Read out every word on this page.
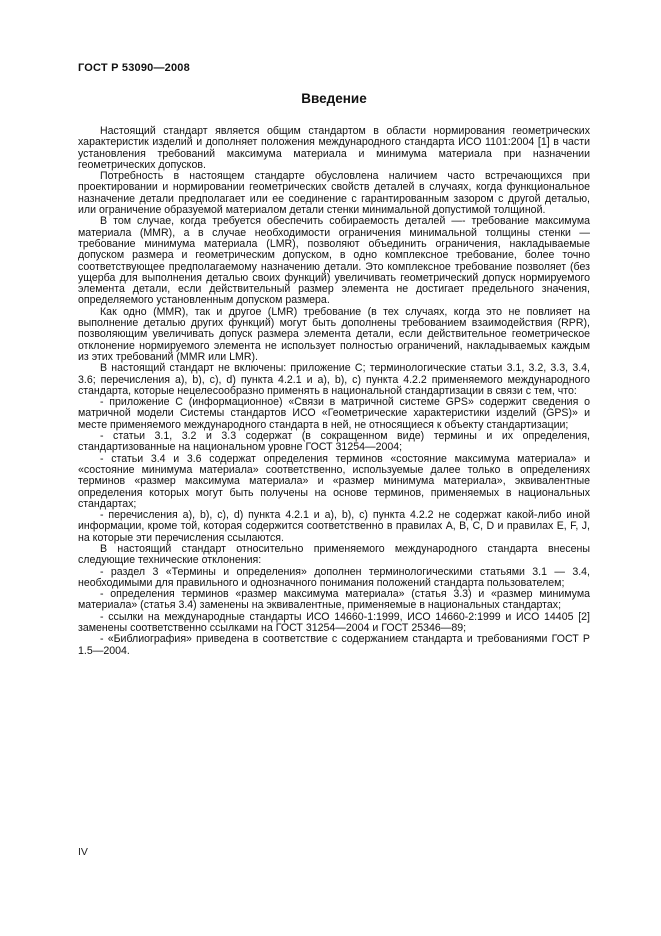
ГОСТ Р 53090—2008
Введение

Настоящий стандарт является общим стандартом в области нормирования геометрических характеристик изделий и дополняет положения международного стандарта ИСО 1101:2004 [1] в части установления требований максимума материала и минимума материала при назначении геометрических допусков.

Потребность в настоящем стандарте обусловлена наличием часто встречающихся при проектировании и нормировании геометрических свойств деталей в случаях, когда функциональное назначение детали предполагает или ее соединение с гарантированным зазором с другой деталью, или ограничение образуемой материалом детали стенки минимальной допустимой толщиной.

В том случае, когда требуется обеспечить собираемость деталей —- требование максимума материала (MMR), а в случае необходимости ограничения минимальной толщины стенки — требование минимума материала (LMR), позволяют объединить ограничения, накладываемые допуском размера и геометрическим допуском, в одно комплексное требование, более точно соответствующее предполагаемому назначению детали. Это комплексное требование позволяет (без ущерба для выполнения деталью своих функций) увеличивать геометрический допуск нормируемого элемента детали, если действительный размер элемента не достигает предельного значения, определяемого установленным допуском размера.

Как одно (MMR), так и другое (LMR) требование (в тех случаях, когда это не повлияет на выполнение деталью других функций) могут быть дополнены требованием взаимодействия (RPR), позволяющим увеличивать допуск размера элемента детали, если действительное геометрическое отклонение нормируемого элемента не использует полностью ограничений, накладываемых каждым из этих требований (MMR или LMR).

В настоящий стандарт не включены: приложение С; терминологические статьи 3.1, 3.2, 3.3, 3.4, 3.6; перечисления a), b), c), d) пункта 4.2.1 и a), b), c) пункта 4.2.2 применяемого международного стандарта, которые нецелесообразно применять в национальной стандартизации в связи с тем, что:

- приложение С (информационное) «Связи в матричной системе GPS» содержит сведения о матричной модели Системы стандартов ИСО «Геометрические характеристики изделий (GPS)» и месте применяемого международного стандарта в ней, не относящиеся к объекту стандартизации;

- статьи 3.1, 3.2 и 3.3 содержат (в сокращенном виде) термины и их определения, стандартизованные на национальном уровне ГОСТ 31254—2004;

- статьи 3.4 и 3.6 содержат определения терминов «состояние максимума материала» и «состояние минимума материала» соответственно, используемые далее только в определениях терминов «размер максимума материала» и «размер минимума материала», эквивалентные определения которых могут быть получены на основе терминов, применяемых в национальных стандартах;

- перечисления a), b), c), d) пункта 4.2.1 и a), b), c) пункта 4.2.2 не содержат какой-либо иной информации, кроме той, которая содержится соответственно в правилах A, B, C, D и правилах E, F, J, на которые эти перечисления ссылаются.

В настоящий стандарт относительно применяемого международного стандарта внесены следующие технические отклонения:

- раздел 3 «Термины и определения» дополнен терминологическими статьями 3.1 — 3.4, необходимыми для правильного и однозначного понимания положений стандарта пользователем;

- определения терминов «размер максимума материала» (статья 3.3) и «размер минимума материала» (статья 3.4) заменены на эквивалентные, применяемые в национальных стандартах;

- ссылки на международные стандарты ИСО 14660-1:1999, ИСО 14660-2:1999 и ИСО 14405 [2] заменены соответственно ссылками на ГОСТ 31254—2004 и ГОСТ 25346—89;

- «Библиография» приведена в соответствие с содержанием стандарта и требованиями ГОСТ Р 1.5—2004.

IV
